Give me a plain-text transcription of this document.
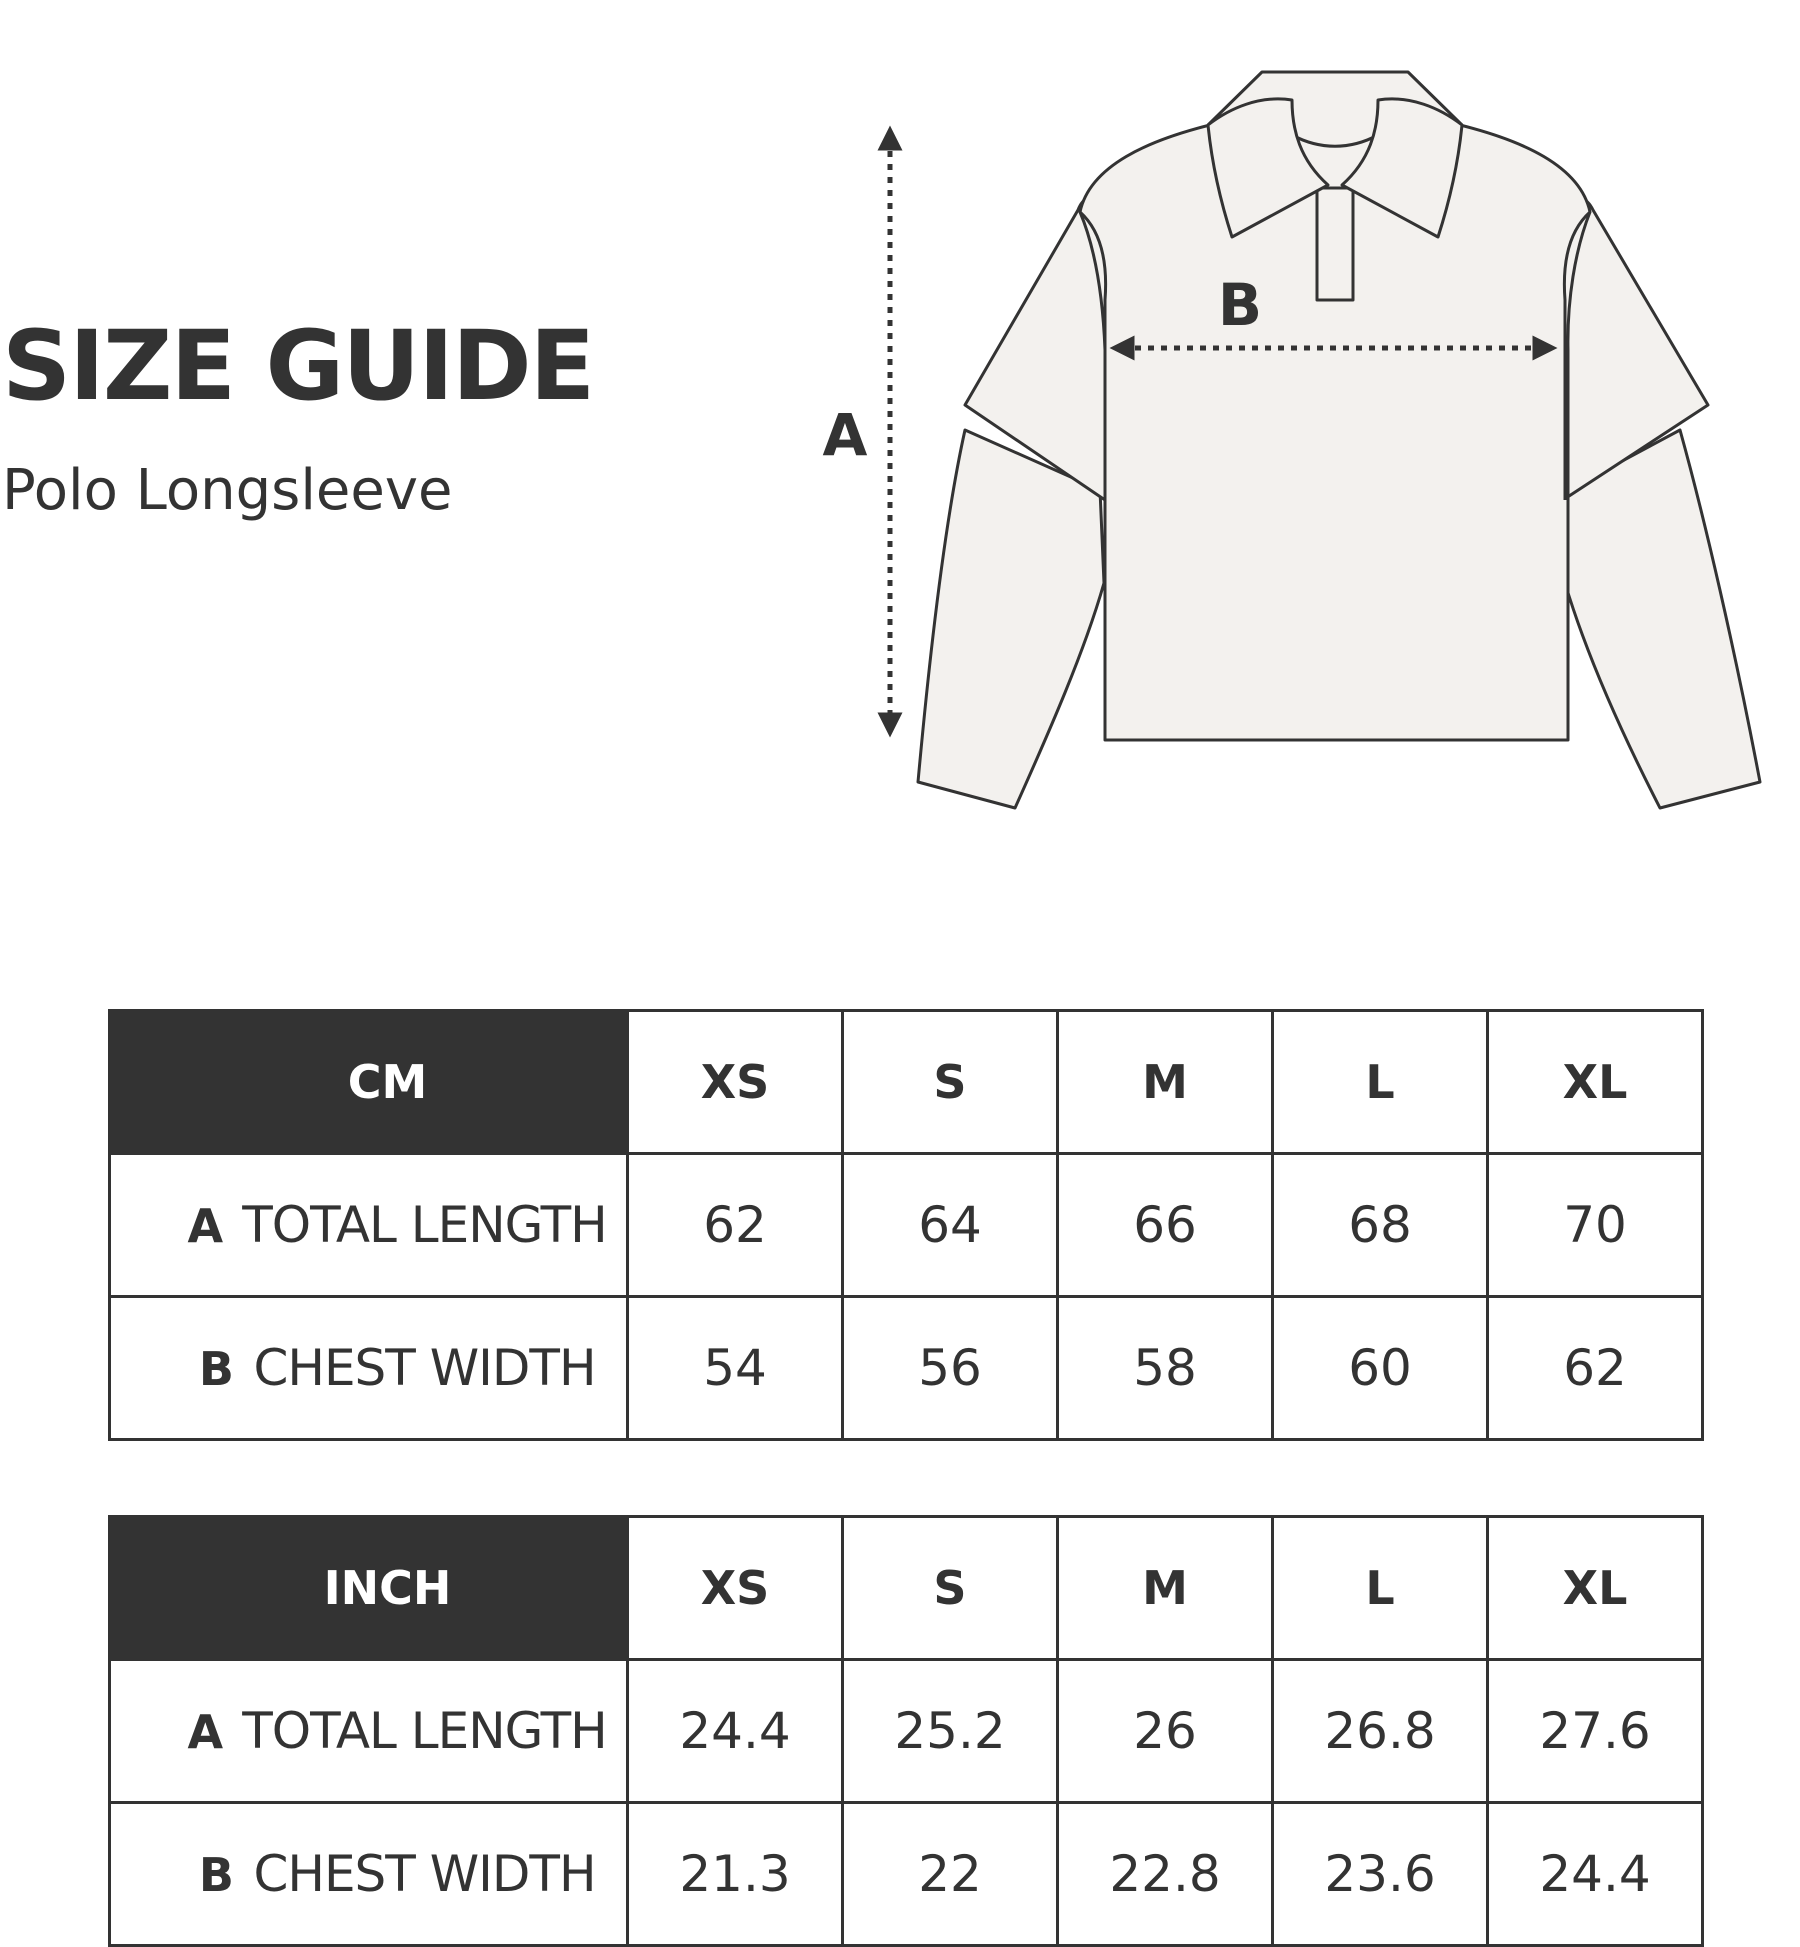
SIZE GUIDE
Polo Longsleeve
A
B
CM	XS	S	M	L	XL
A TOTAL LENGTH	62	64	66	68	70
B CHEST WIDTH	54	56	58	60	62
INCH	XS	S	M	L	XL
A TOTAL LENGTH	24.4	25.2	26	26.8	27.6
B CHEST WIDTH	21.3	22	22.8	23.6	24.4
